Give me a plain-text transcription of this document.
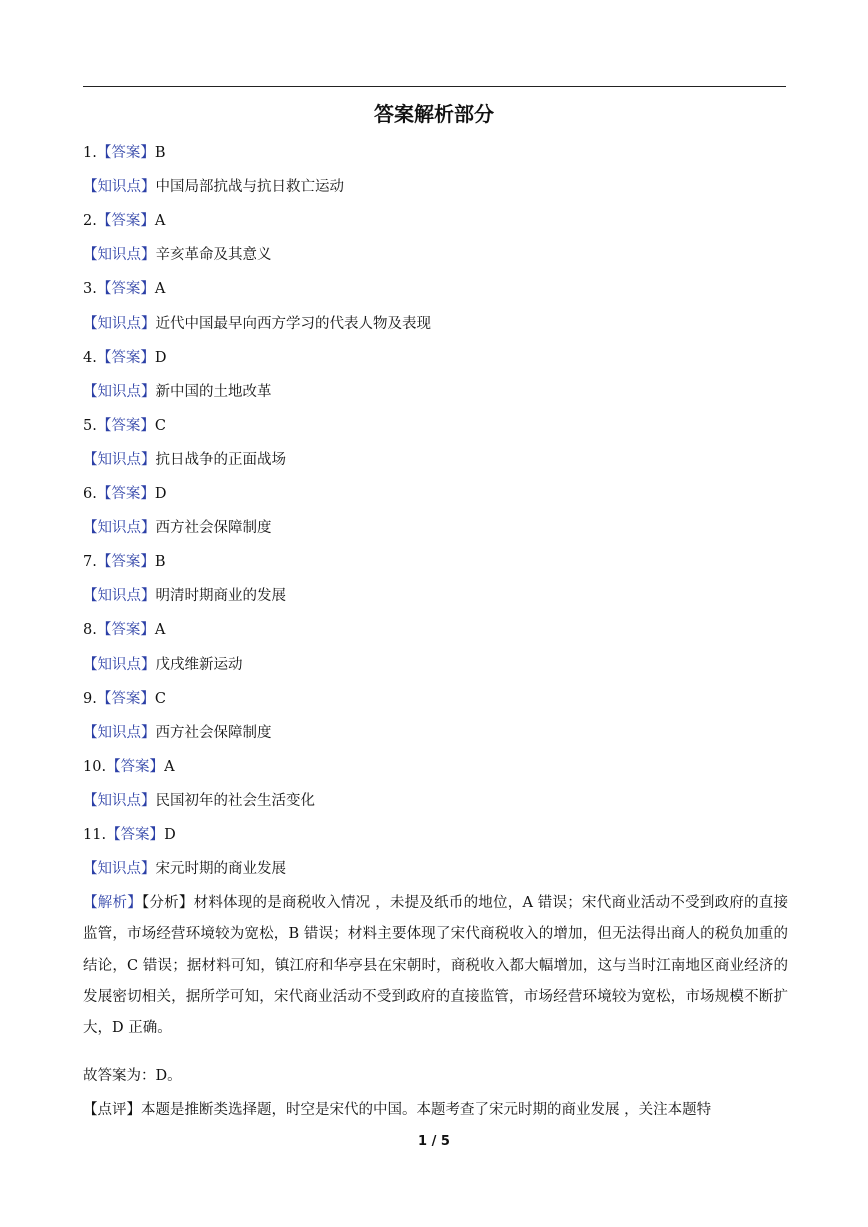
答案解析部分
1.【答案】B
【知识点】中国局部抗战与抗日救亡运动
2.【答案】A
【知识点】辛亥革命及其意义
3.【答案】A
【知识点】近代中国最早向西方学习的代表人物及表现
4.【答案】D
【知识点】新中国的土地改革
5.【答案】C
【知识点】抗日战争的正面战场
6.【答案】D
【知识点】西方社会保障制度
7.【答案】B
【知识点】明清时期商业的发展
8.【答案】A
【知识点】戊戌维新运动
9.【答案】C
【知识点】西方社会保障制度
10.【答案】A
【知识点】民国初年的社会生活变化
11.【答案】D
【知识点】宋元时期的商业发展
【解析】【分析】材料体现的是商税收入情况 ，未提及纸币的地位，A 错误；宋代商业活动不受到政府的直接监管，市场经营环境较为宽松，B 错误；材料主要体现了宋代商税收入的增加，但无法得出商人的税负加重的结论，C 错误；据材料可知，镇江府和华亭县在宋朝时，商税收入都大幅增加，这与当时江南地区商业经济的发展密切相关，据所学可知，宋代商业活动不受到政府的直接监管，市场经营环境较为宽松，市场规模不断扩大，D 正确。
故答案为：D。
【点评】本题是推断类选择题，时空是宋代的中国。本题考查了宋元时期的商业发展 ，关注本题特
1 / 5
